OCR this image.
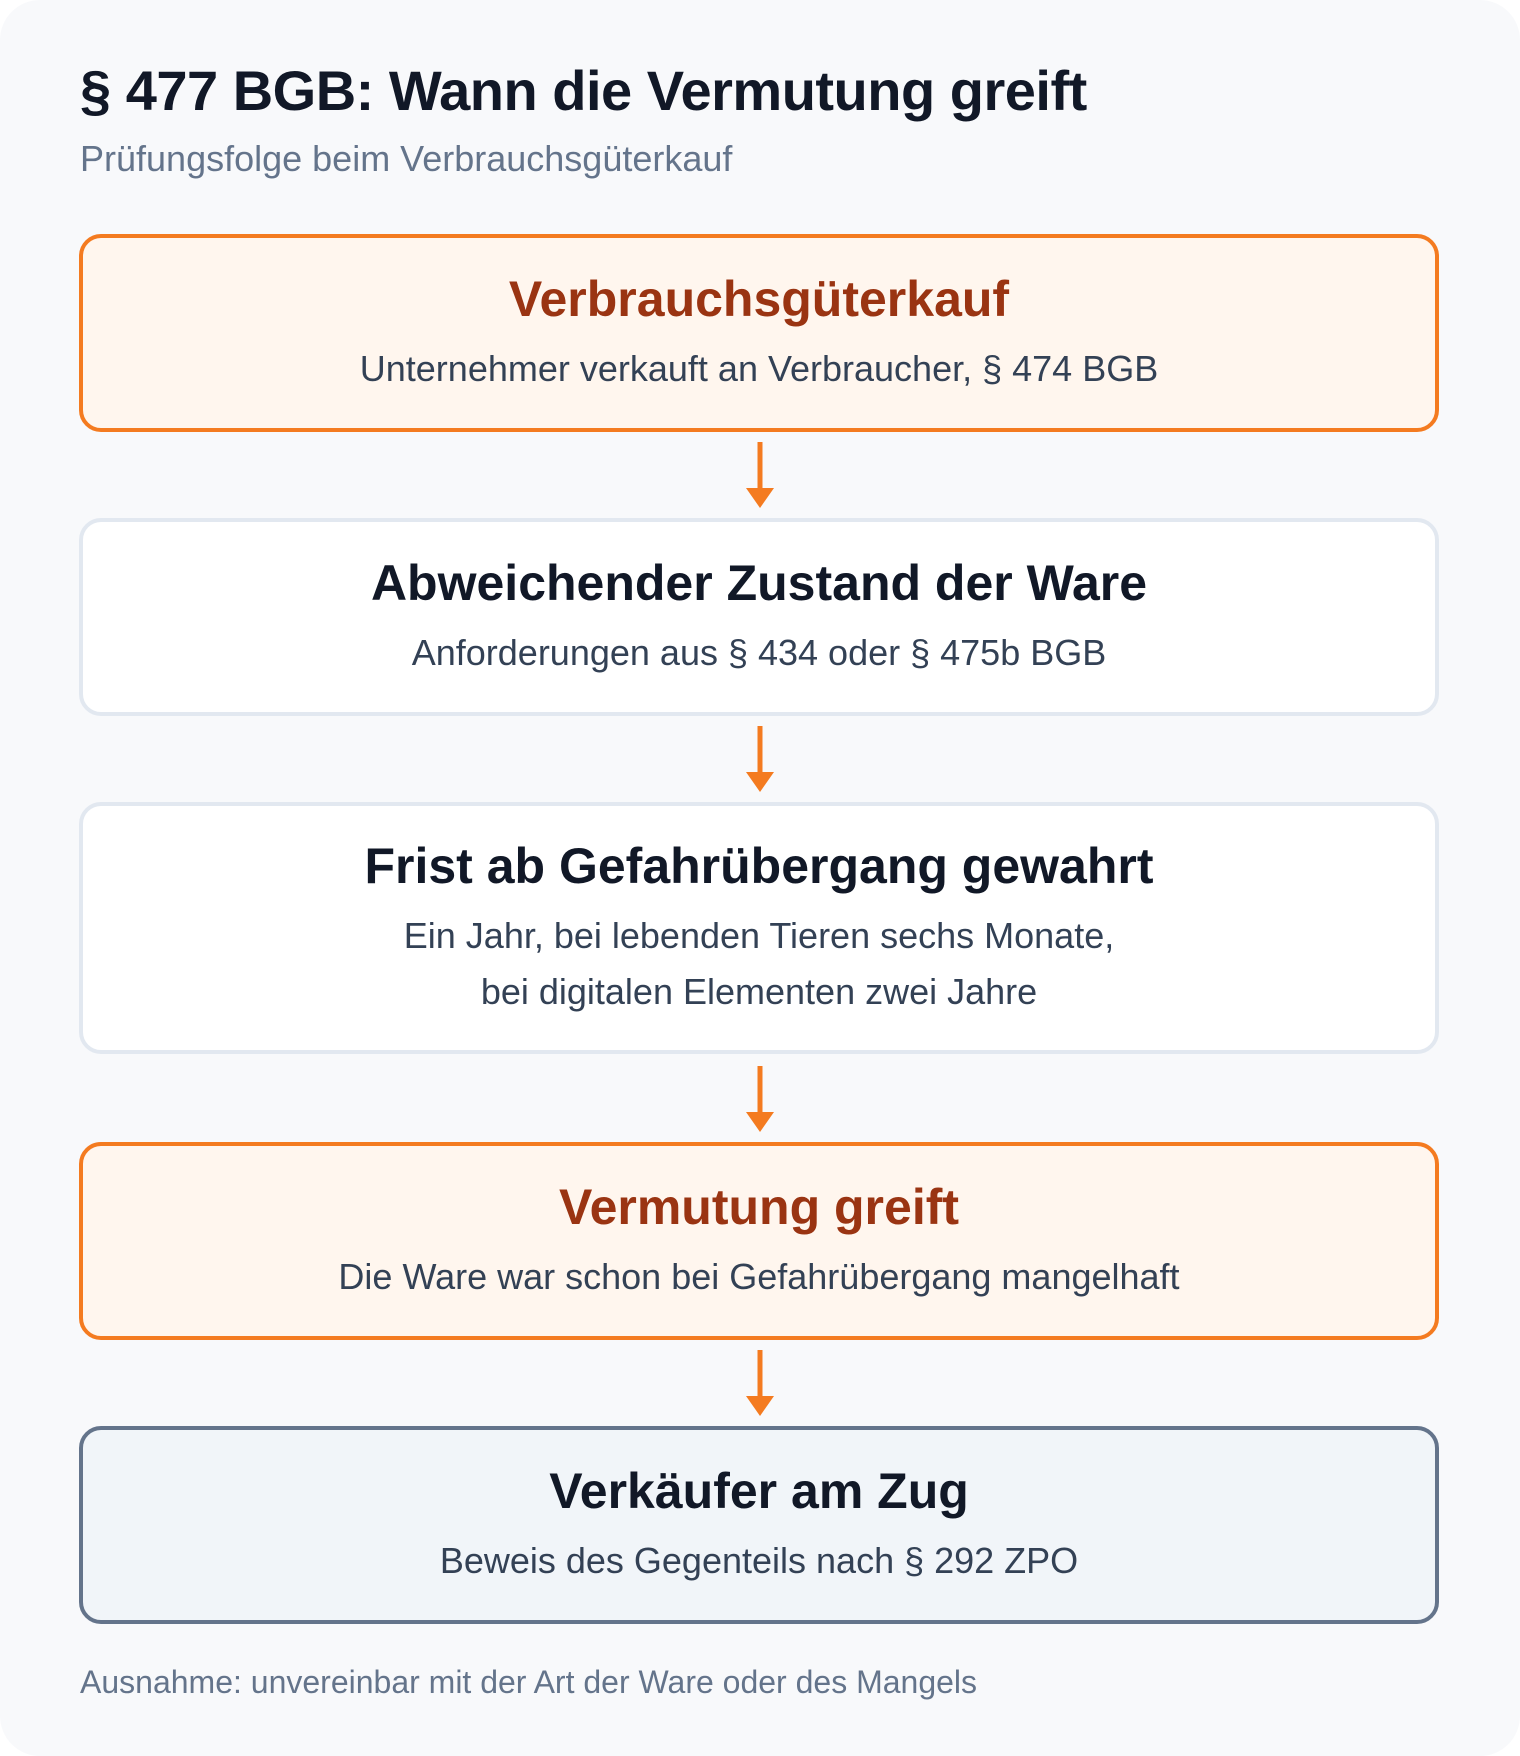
§ 477 BGB: Wann die Vermutung greift
Prüfungsfolge beim Verbrauchsgüterkauf
Verbrauchsgüterkauf
Unternehmer verkauft an Verbraucher, § 474 BGB
Abweichender Zustand der Ware
Anforderungen aus § 434 oder § 475b BGB
Frist ab Gefahrübergang gewahrt
Ein Jahr, bei lebenden Tieren sechs Monate,
bei digitalen Elementen zwei Jahre
Vermutung greift
Die Ware war schon bei Gefahrübergang mangelhaft
Verkäufer am Zug
Beweis des Gegenteils nach § 292 ZPO
Ausnahme: unvereinbar mit der Art der Ware oder des Mangels
